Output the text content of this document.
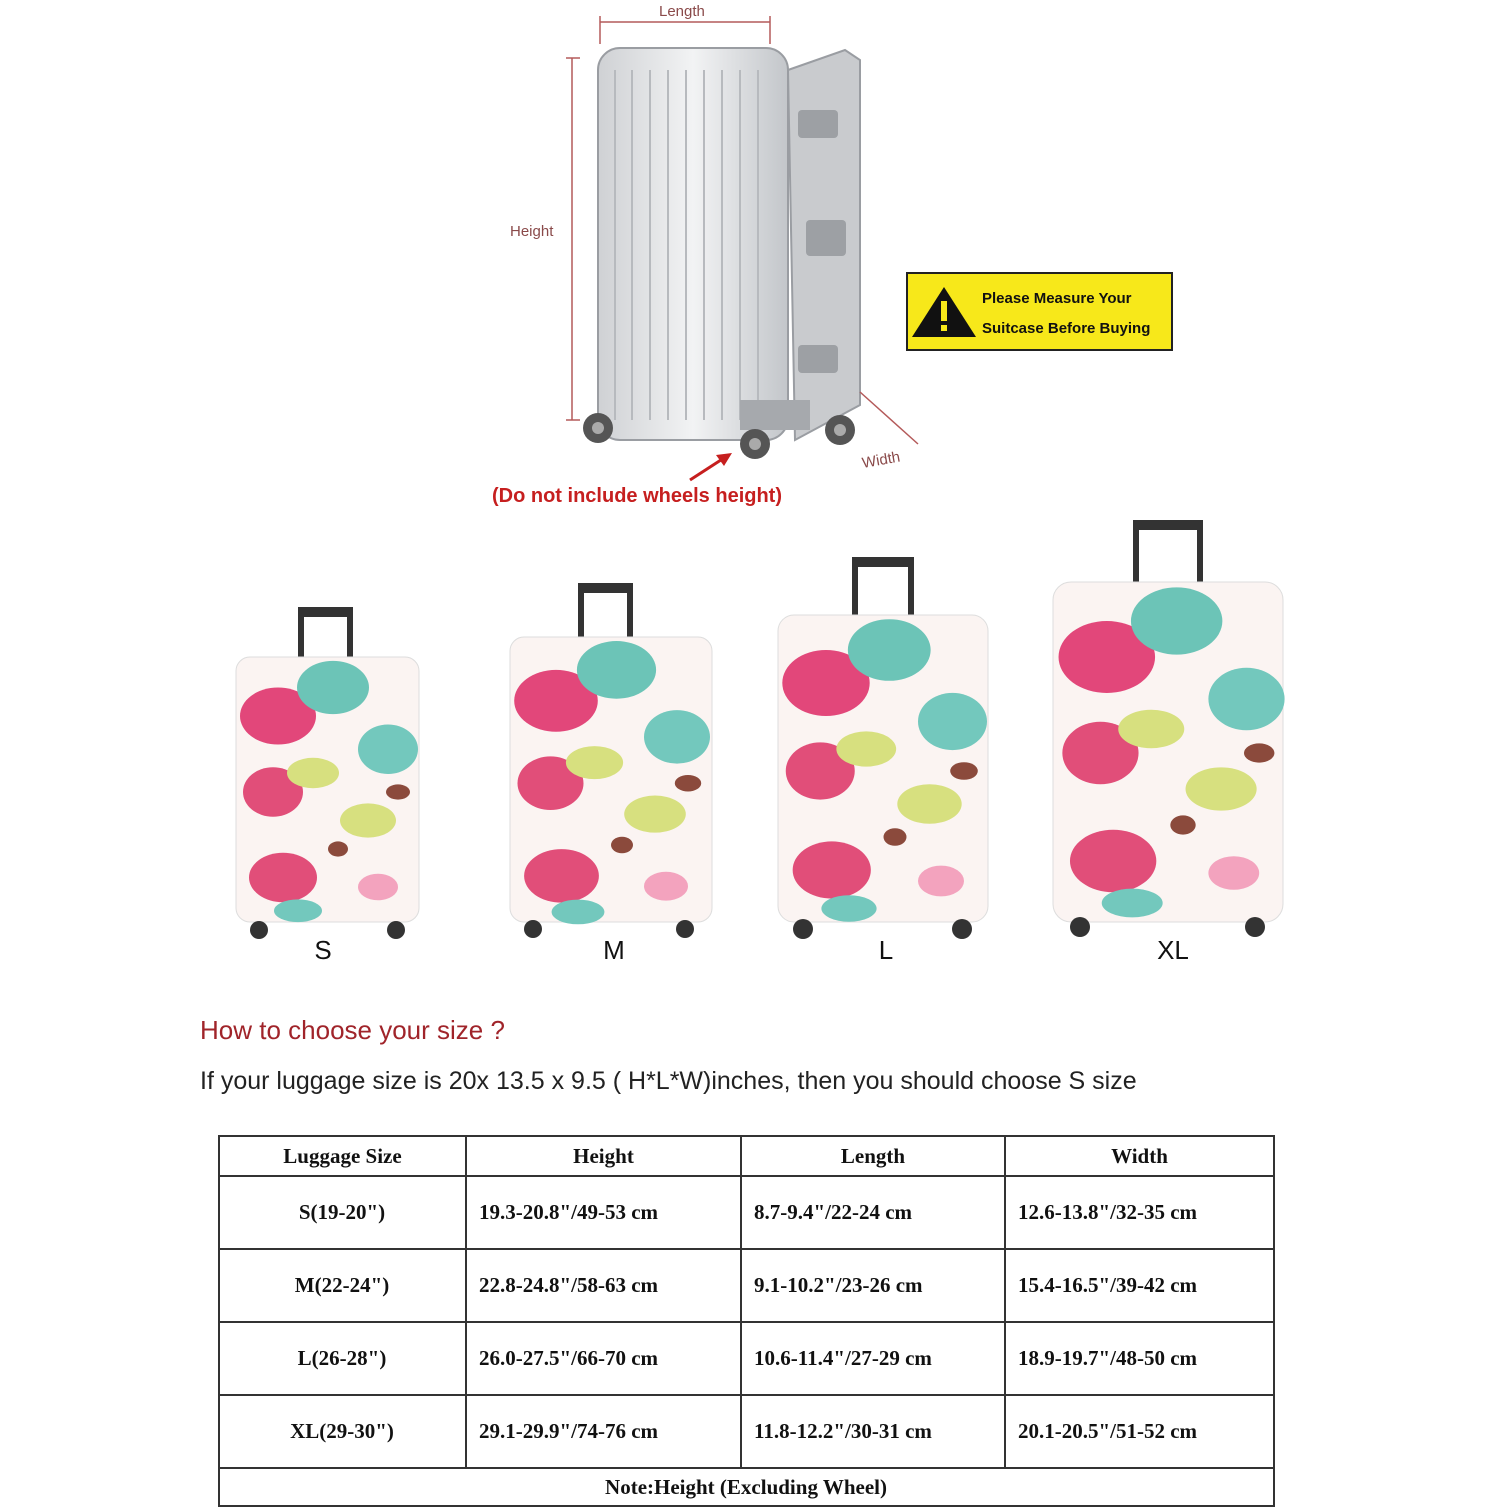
Length
Height
Width
(Do not include wheels height)
Please Measure Your
Suitcase Before Buying
S	M	L	XL
How to choose your size ?
If your luggage size is 20x 13.5 x 9.5 ( H*L*W)inches, then you should choose S size
Luggage Size	Height	Length	Width
S(19-20")	19.3-20.8"/49-53 cm	8.7-9.4"/22-24 cm	12.6-13.8"/32-35 cm
M(22-24")	22.8-24.8"/58-63 cm	9.1-10.2"/23-26 cm	15.4-16.5"/39-42 cm
L(26-28")	26.0-27.5"/66-70 cm	10.6-11.4"/27-29 cm	18.9-19.7"/48-50 cm
XL(29-30")	29.1-29.9"/74-76 cm	11.8-12.2"/30-31 cm	20.1-20.5"/51-52 cm
Note:Height (Excluding Wheel)			
